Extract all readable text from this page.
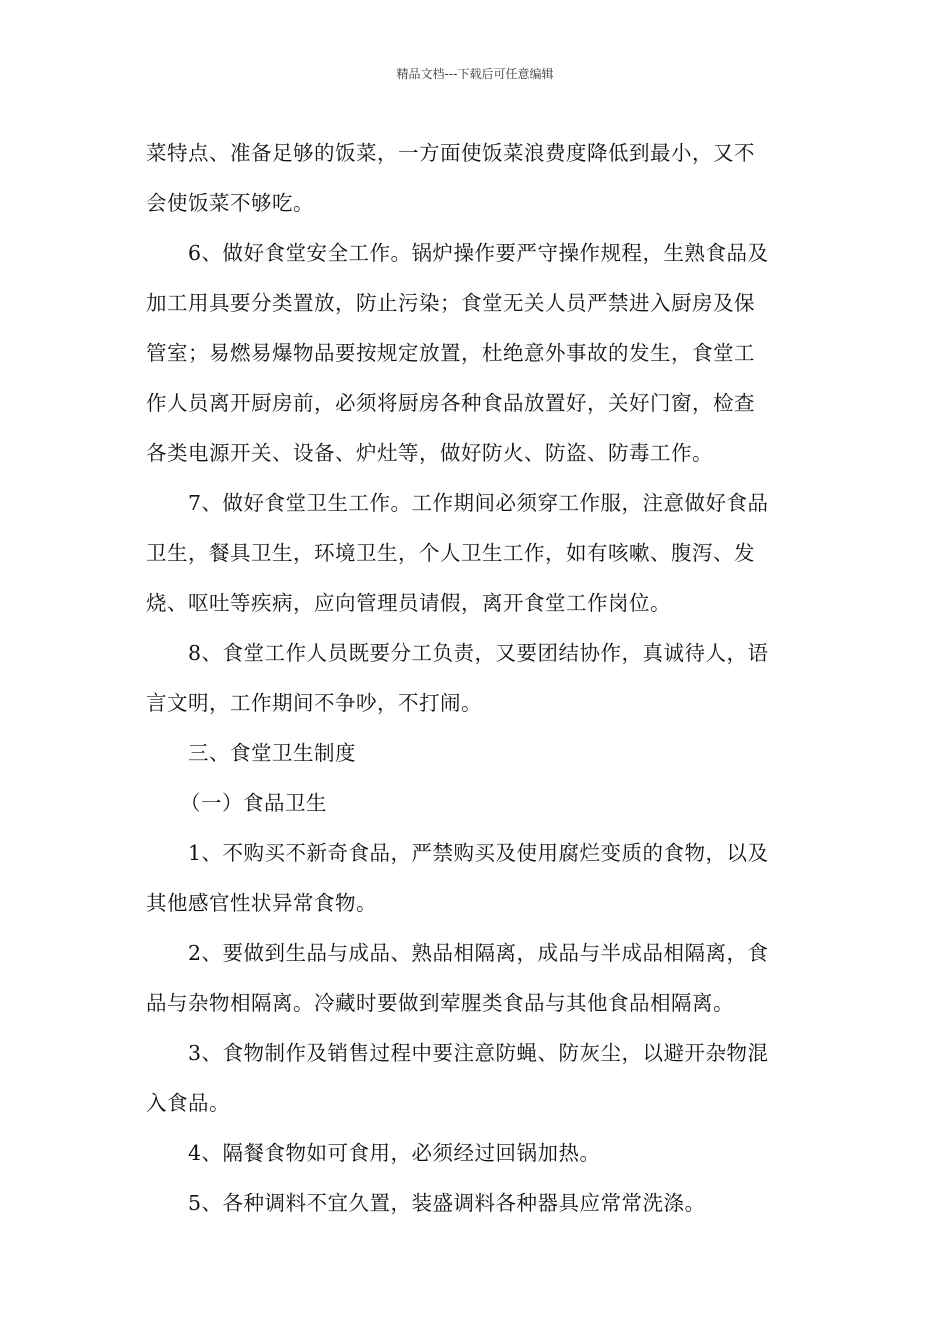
精品文档---下载后可任意编辑
菜特点、准备足够的饭菜，一方面使饭菜浪费度降低到最小，又不
会使饭菜不够吃。
6、做好食堂安全工作。锅炉操作要严守操作规程，生熟食品及
加工用具要分类置放，防止污染；食堂无关人员严禁进入厨房及保
管室；易燃易爆物品要按规定放置，杜绝意外事故的发生，食堂工
作人员离开厨房前，必须将厨房各种食品放置好，关好门窗，检查
各类电源开关、设备、炉灶等，做好防火、防盗、防毒工作。
7、做好食堂卫生工作。工作期间必须穿工作服，注意做好食品
卫生，餐具卫生，环境卫生，个人卫生工作，如有咳嗽、腹泻、发
烧、呕吐等疾病，应向管理员请假，离开食堂工作岗位。
8、食堂工作人员既要分工负责，又要团结协作，真诚待人，语
言文明，工作期间不争吵，不打闹。
三、食堂卫生制度
（一）食品卫生
1、不购买不新奇食品，严禁购买及使用腐烂变质的食物，以及
其他感官性状异常食物。
2、要做到生品与成品、熟品相隔离，成品与半成品相隔离，食
品与杂物相隔离。冷藏时要做到荤腥类食品与其他食品相隔离。
3、食物制作及销售过程中要注意防蝇、防灰尘，以避开杂物混
入食品。
4、隔餐食物如可食用，必须经过回锅加热。
5、各种调料不宜久置，装盛调料各种器具应常常洗涤。
